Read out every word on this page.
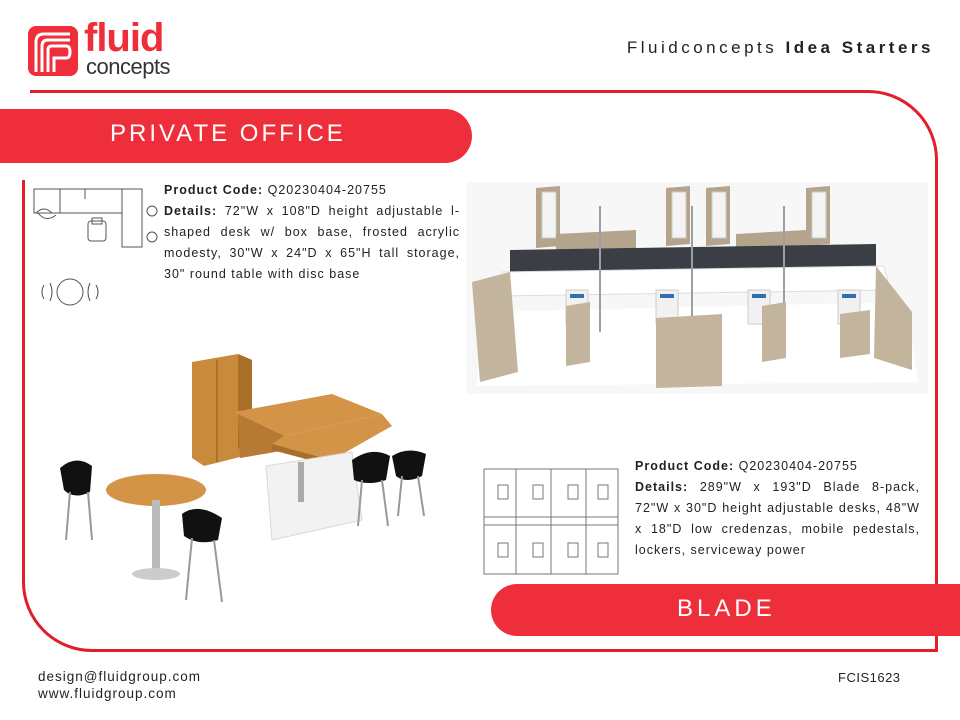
fluid
concepts
Fluidconcepts Idea Starters
PRIVATE OFFICE
BLADE

Product Code: Q20230404-20755

Details: 72"W x 108"D height adjustable l-shaped desk w/ box base, frosted acrylic modesty, 30"W x 24"D x 65"H tall storage, 30" round table with disc base

Product Code: Q20230404-20755

Details: 289"W x 193"D Blade 8-pack, 72"W x 30"D height adjustable desks, 48"W x 18"D low credenzas, mobile pedestals, lockers, serviceway power

design@fluidgroup.com
www.fluidgroup.com
FCIS1623
